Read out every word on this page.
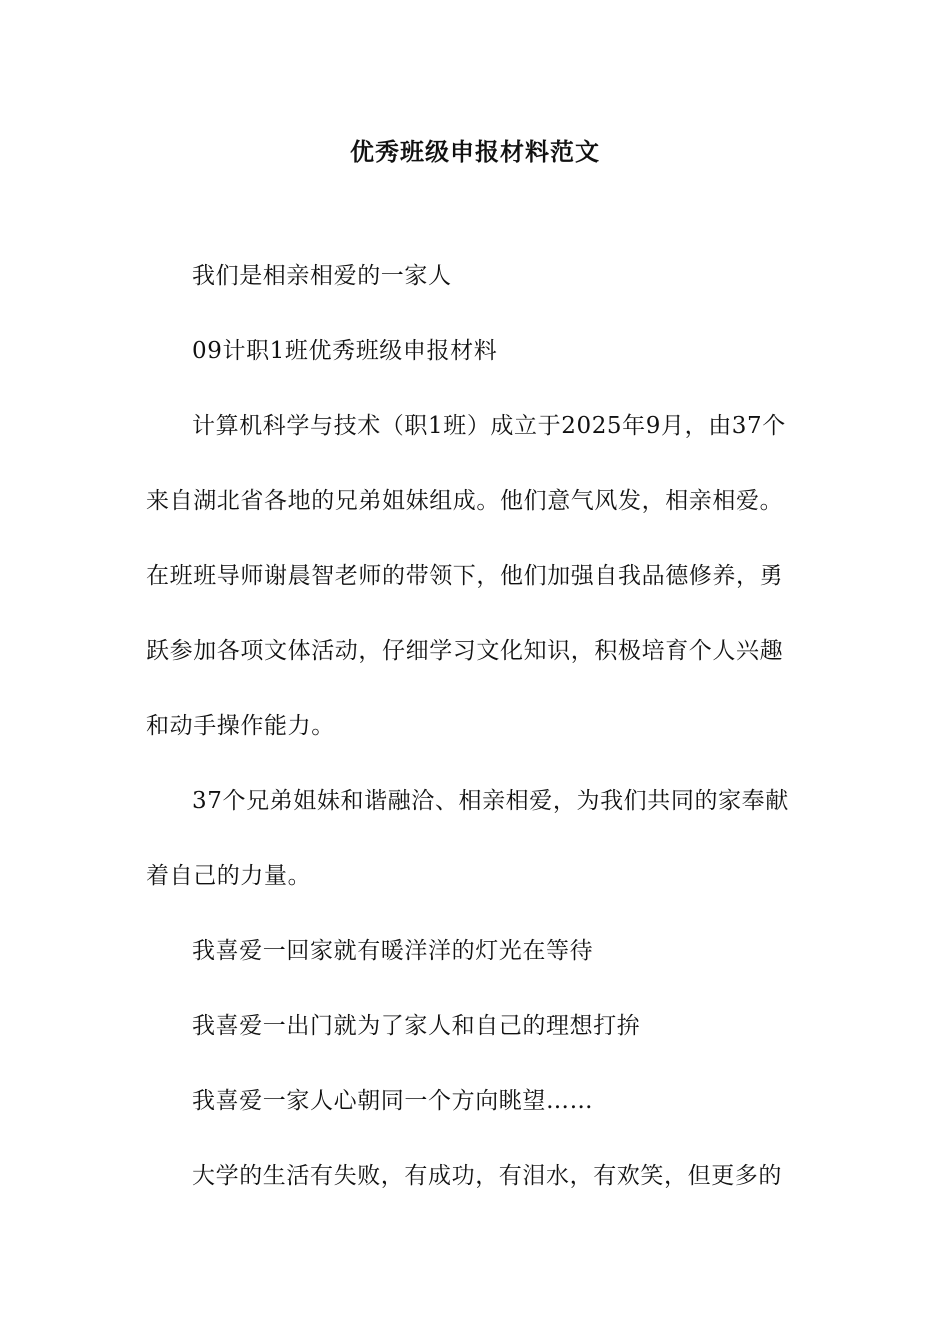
优秀班级申报材料范文
我们是相亲相爱的一家人
09计职1班优秀班级申报材料
计算机科学与技术（职1班）成立于2025年9月，由37个
来自湖北省各地的兄弟姐妹组成。他们意气风发，相亲相爱。
在班班导师谢晨智老师的带领下，他们加强自我品德修养，勇
跃参加各项文体活动，仔细学习文化知识，积极培育个人兴趣
和动手操作能力。
37个兄弟姐妹和谐融洽、相亲相爱，为我们共同的家奉献
着自己的力量。
我喜爱一回家就有暖洋洋的灯光在等待
我喜爱一出门就为了家人和自己的理想打拚
我喜爱一家人心朝同一个方向眺望……
大学的生活有失败，有成功，有泪水，有欢笑，但更多的
